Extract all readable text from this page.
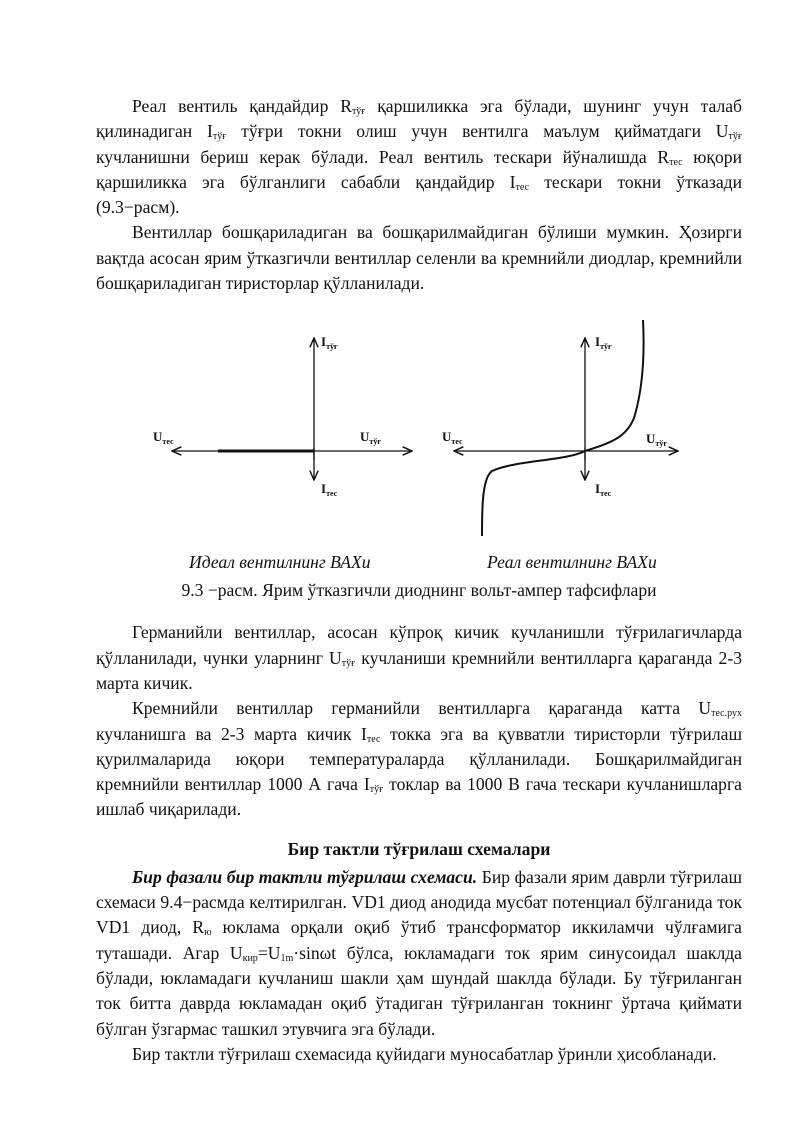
Реал вентиль қандайдир $R_{тўғ}$ қаршиликка эга бўлади, шунинг учун талаб қилинадиган $I_{тўғ}$ тўғри токни олиш учун вентилга маълум қийматдаги $U_{тўғ}$ кучланишни бериш керак бўлади. Реал вентиль тескари йўналишда $R_{тес}$ юқори қаршиликка эга бўлганлиги сабабли қандайдир $I_{тес}$ тескари токни ўтказади (9.3−расм).

Вентиллар бошқариладиган ва бошқарилмайдиган бўлиши мумкин. Ҳозирги вақтда асосан ярим ўтказгичли вентиллар селенли ва кремнийли диодлар, кремнийли бошқариладиган тиристорлар қўлланилади.

$I_{тўғ}$
$U_{тес}$	$U_{тўғ}$
$I_{тес}$
$I_{тўғ}$
$U_{тес}$	$U_{тўғ}$
$I_{тес}$
Идеал вентилнинг ВАХи	Реал вентилнинг ВАХи
9.3 −расм. Ярим ўтказгичли диоднинг вольт-ампер тафсифлари

Германийли вентиллар, асосан кўпроқ кичик кучланишли тўғрилагичларда қўлланилади, чунки уларнинг $U_{тўғ}$ кучланиши кремнийли вентилларга қараганда 2-3 марта кичик.

Кремнийли вентиллар германийли вентилларга қараганда катта $U_{тес.рух}$ кучланишга ва 2-3 марта кичик $I_{тес}$ токка эга ва қувватли тиристорли тўғрилаш қурилмаларида юқори температураларда қўлланилади. Бошқарилмайдиган кремнийли вентиллар 1000 А гача $I_{тўғ}$ токлар ва 1000 В гача тескари кучланишларга ишлаб чиқарилади.

Бир тактли тўғрилаш схемалари

Бир фазали бир тактли тўғрилаш схемаси. Бир фазали ярим даврли тўғрилаш схемаси 9.4−расмда келтирилган. VD1 диод анодида мусбат потенциал бўлганида ток VD1 диод, $R_ю$ юклама орқали оқиб ўтиб трансформатор иккиламчи чўлғамига туташади. Агар $U_{кир}=U_{1m}\cdot\sin\omega t$ бўлса, юкламадаги ток ярим синусоидал шаклда бўлади, юкламадаги кучланиш шакли ҳам шундай шаклда бўлади. Бу тўғриланган ток битта даврда юкламадан оқиб ўтадиган тўғриланган токнинг ўртача қиймати бўлган ўзгармас ташкил этувчига эга бўлади.

Бир тактли тўғрилаш схемасида қуйидаги муносабатлар ўринли ҳисобланади.
